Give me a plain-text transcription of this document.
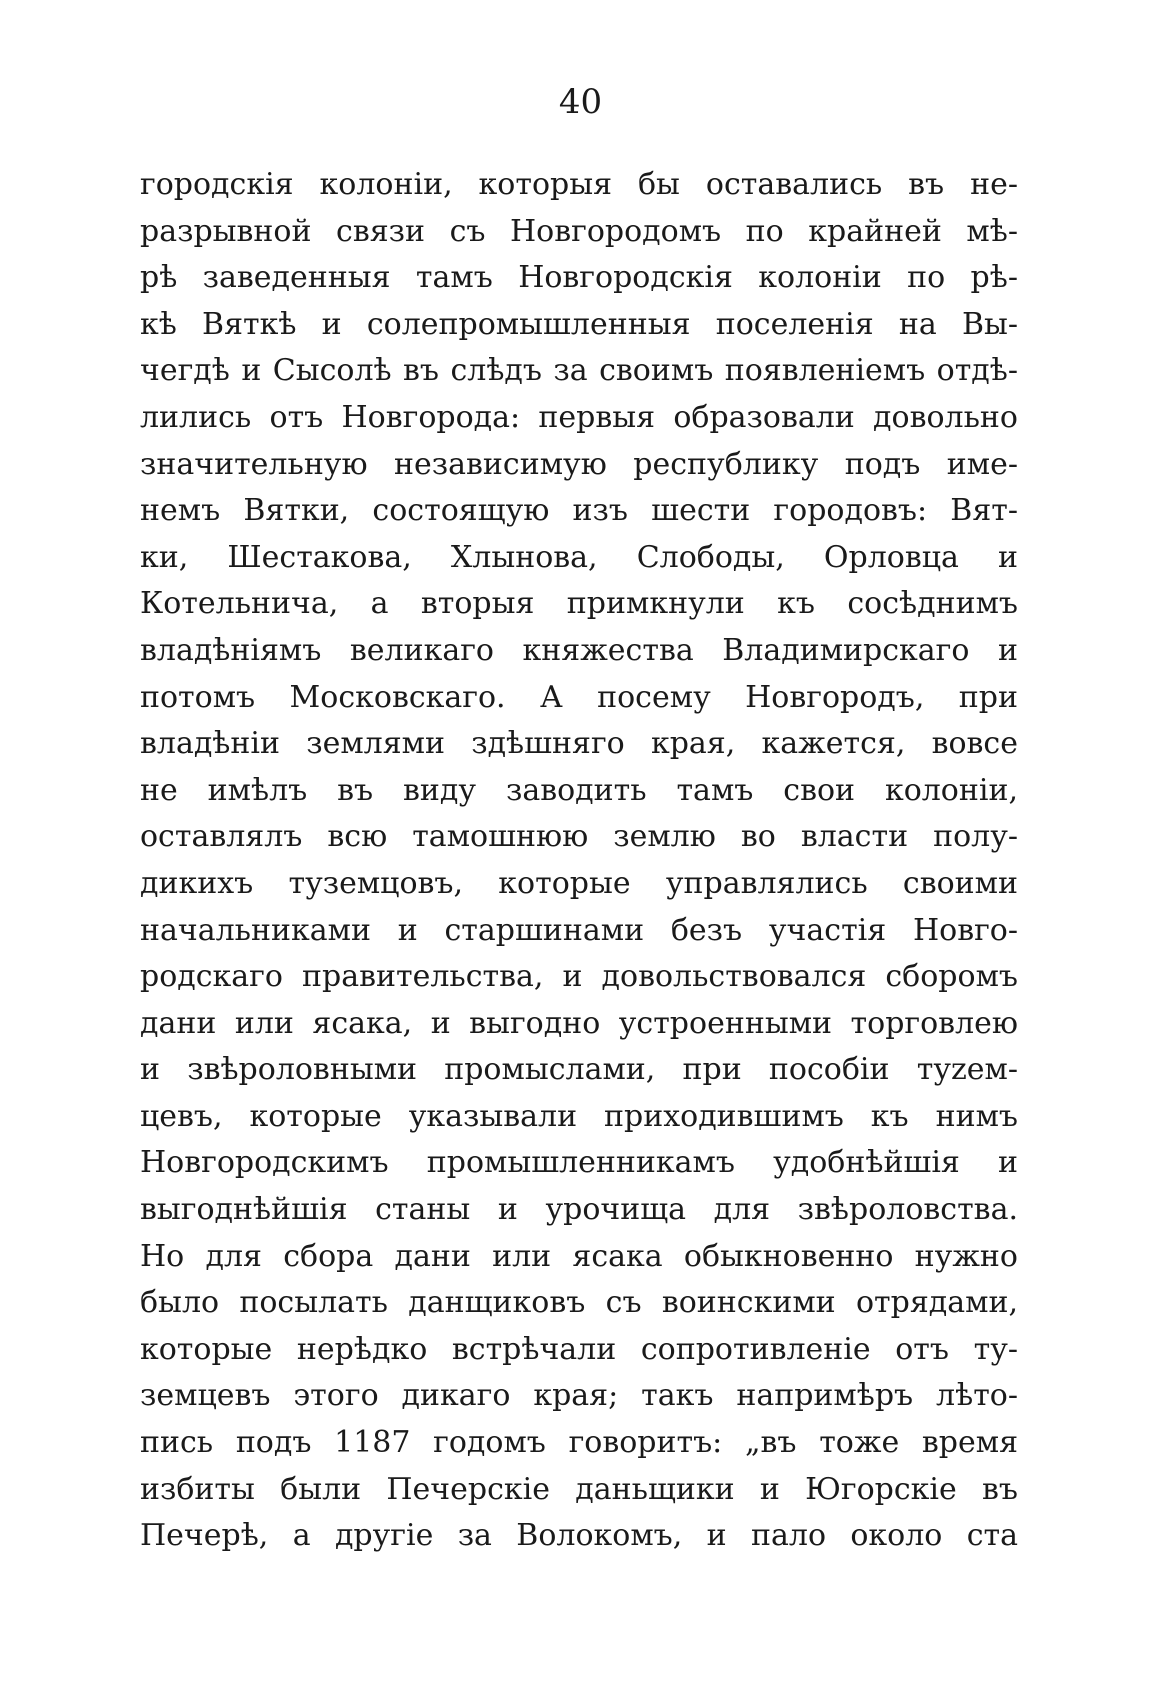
40
городскія колоніи, которыя бы оставались въ не-
разрывной связи съ Новгородомъ по крайней мѣ-
рѣ заведенныя тамъ Новгородскія колоніи по рѣ-
кѣ Вяткѣ и солепромышленныя поселенія на Вы-
чегдѣ и Сысолѣ въ слѣдъ за своимъ появленіемъ отдѣ-
лились отъ Новгорода: первыя образовали довольно
значительную независимую республику подъ име-
немъ Вятки, состоящую изъ шести городовъ: Вят-
ки, Шестакова, Хлынова, Слободы, Орловца и
Котельнича, а вторыя примкнули къ сосѣднимъ
владѣніямъ великаго княжества Владимирскаго и
потомъ Московскаго. А посему Новгородъ, при
владѣніи землями здѣшняго края, кажется, вовсе
не имѣлъ въ виду заводить тамъ свои колоніи,
оставлялъ всю тамошнюю землю во власти полу-
дикихъ туземцовъ, которые управлялись своими
начальниками и старшинами безъ участія Новго-
родскаго правительства, и довольствовался сборомъ
дани или ясака, и выгодно устроенными торговлею
и звѣроловными промыслами, при пособіи туzем-
цевъ, которые указывали приходившимъ къ нимъ
Новгородскимъ промышленникамъ удобнѣйшія и
выгоднѣйшія станы и урочища для звѣроловства.
Но для сбора дани или ясака обыкновенно нужно
было посылать данщиковъ съ воинскими отрядами,
которые нерѣдко встрѣчали сопротивленіе отъ ту-
земцевъ этого дикаго края; такъ напримѣръ лѣто-
пись подъ 1187 годомъ говоритъ: „въ тоже время
избиты были Печерскіе даньщики и Югорскіе въ
Печерѣ, а другіе за Волокомъ, и пало около ста
